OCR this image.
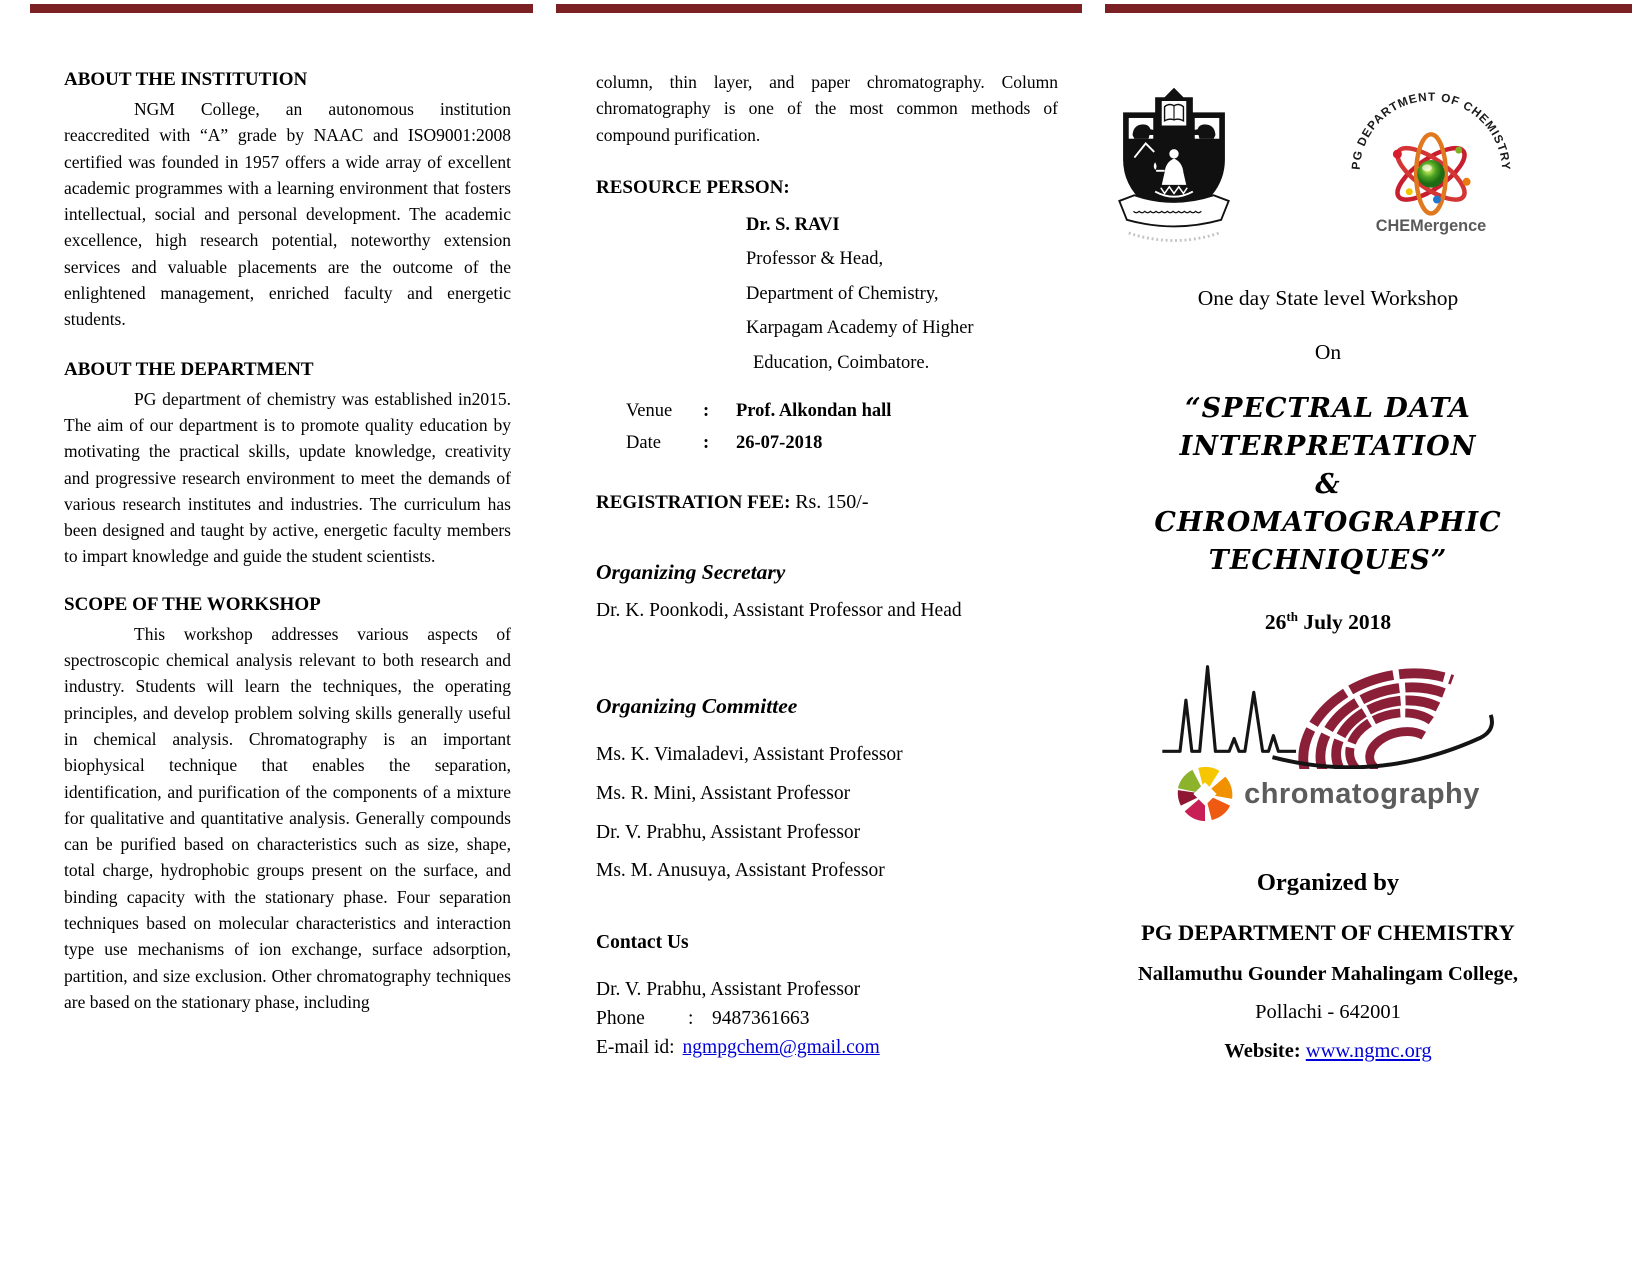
ABOUT THE INSTITUTION

NGM College, an autonomous institution reaccredited with “A” grade by NAAC and ISO9001:2008 certified was founded in 1957 offers a wide array of excellent academic programmes with a learning environment that fosters intellectual, social and personal development. The academic excellence, high research potential, noteworthy extension services and valuable placements are the outcome of the enlightened management, enriched faculty and energetic students.

ABOUT THE DEPARTMENT

PG department of chemistry was established in2015. The aim of our department is to promote quality education by motivating the practical skills, update knowledge, creativity and progressive research environment to meet the demands of various research institutes and industries. The curriculum has been designed and taught by active, energetic faculty members to impart knowledge and guide the student scientists.

SCOPE OF THE WORKSHOP

This workshop addresses various aspects of spectroscopic chemical analysis relevant to both research and industry. Students will learn the techniques, the operating principles, and develop problem solving skills generally useful in chemical analysis. Chromatography is an important biophysical technique that enables the separation, identification, and purification of the components of a mixture for qualitative and quantitative analysis. Generally compounds can be purified based on characteristics such as size, shape, total charge, hydrophobic groups present on the surface, and binding capacity with the stationary phase. Four separation techniques based on molecular characteristics and interaction type use mechanisms of ion exchange, surface adsorption, partition, and size exclusion. Other chromatography techniques are based on the stationary phase, including

column, thin layer, and paper chromatography. Column chromatography is one of the most common methods of compound purification.

RESOURCE PERSON:
Dr. S. RAVI
Professor & Head,
Department of Chemistry,
Karpagam Academy of Higher
Education, Coimbatore.
Venue	:	Prof. Alkondan hall
Date	:	26-07-2018
REGISTRATION FEE: Rs. 150/-
Organizing Secretary
Dr. K. Poonkodi, Assistant Professor and Head
Organizing Committee
Ms. K. Vimaladevi, Assistant Professor
Ms. R. Mini, Assistant Professor
Dr. V. Prabhu, Assistant Professor
Ms. M. Anusuya, Assistant Professor
Contact Us
Dr. V. Prabhu, Assistant Professor
Phone	: 9487361663
E-mail id: ngmpgchem@gmail.com
PG DEPARTMENT OF CHEMISTRY
CHEMergence
One day State level Workshop
On
“SPECTRAL DATA
INTERPRETATION
&
CHROMATOGRAPHIC
TECHNIQUES”
26th July 2018
chromatography
Organized by
PG DEPARTMENT OF CHEMISTRY
Nallamuthu Gounder Mahalingam College,
Pollachi - 642001
Website: www.ngmc.org
